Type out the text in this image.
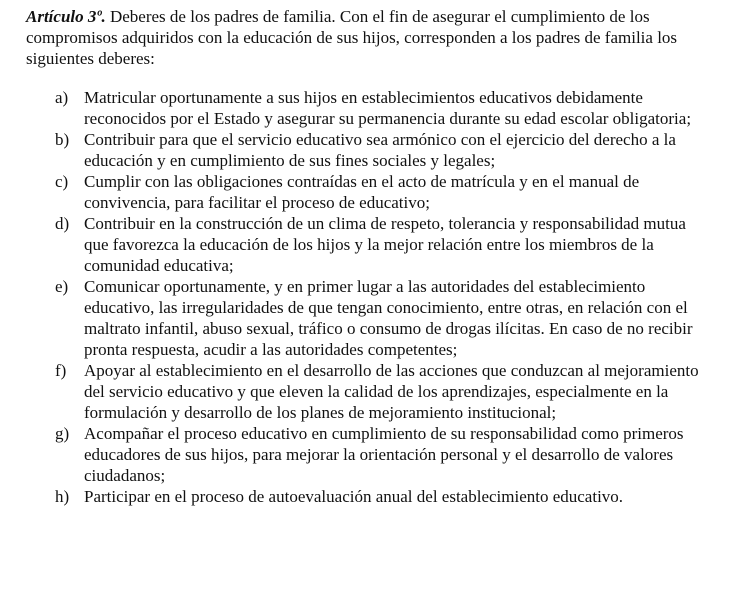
Artículo 3º. Deberes de los padres de familia. Con el fin de asegurar el cumplimiento de los compromisos adquiridos con la educación de sus hijos, corresponden a los padres de familia los siguientes deberes:

a) Matricular oportunamente a sus hijos en establecimientos educativos debidamente reconocidos por el Estado y asegurar su permanencia durante su edad escolar obligatoria;
b) Contribuir para que el servicio educativo sea armónico con el ejercicio del derecho a la educación y en cumplimiento de sus fines sociales y legales;
c) Cumplir con las obligaciones contraídas en el acto de matrícula y en el manual de convivencia, para facilitar el proceso de educativo;
d) Contribuir en la construcción de un clima de respeto, tolerancia y responsabilidad mutua que favorezca la educación de los hijos y la mejor relación entre los miembros de la comunidad educativa;
e) Comunicar oportunamente, y en primer lugar a las autoridades del establecimiento educativo, las irregularidades de que tengan conocimiento, entre otras, en relación con el maltrato infantil, abuso sexual, tráfico o consumo de drogas ilícitas. En caso de no recibir pronta respuesta, acudir a las autoridades competentes;
f) Apoyar al establecimiento en el desarrollo de las acciones que conduzcan al mejoramiento del servicio educativo y que eleven la calidad de los aprendizajes, especialmente en la formulación y desarrollo de los planes de mejoramiento institucional;
g) Acompañar el proceso educativo en cumplimiento de su responsabilidad como primeros educadores de sus hijos, para mejorar la orientación personal y el desarrollo de valores ciudadanos;
h) Participar en el proceso de autoevaluación anual del establecimiento educativo.
